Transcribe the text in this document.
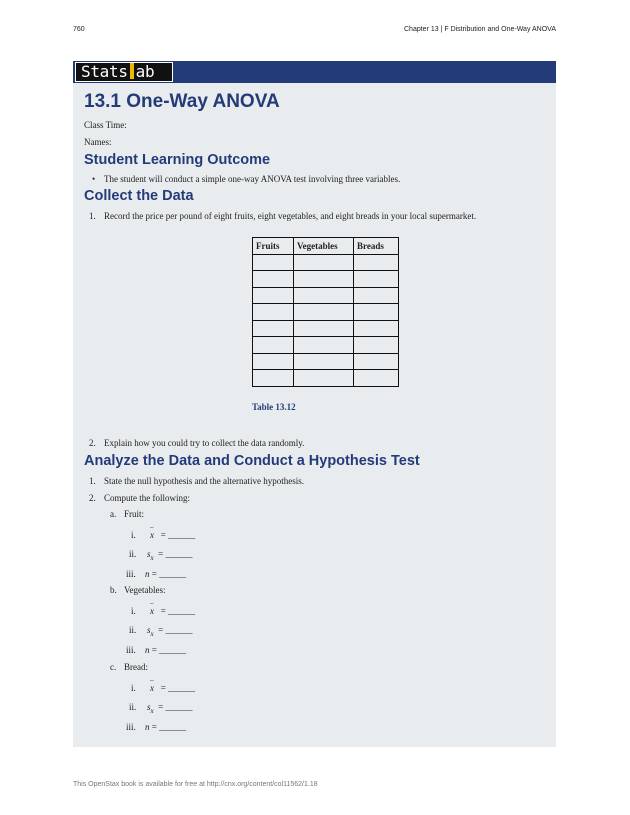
760	Chapter 13 | F Distribution and One-Way ANOVA
Stats ab
13.1 One-Way ANOVA
Class Time:
Names:
Student Learning Outcome
• The student will conduct a simple one-way ANOVA test involving three variables.
Collect the Data
1. Record the price per pound of eight fruits, eight vegetables, and eight breads in your local supermarket.
Fruits	Vegetables	Breads

Table 13.12
2. Explain how you could try to collect the data randomly.
Analyze the Data and Conduct a Hypothesis Test
1. State the null hypothesis and the alternative hypothesis.
2. Compute the following:
a. Fruit:
i. _ x = ______
ii. $s_x$ = ______
iii. n = ______
b. Vegetables:
i. _ x = ______
ii. $s_x$ = ______
iii. n = ______
c. Bread:
i. _ x = ______
ii. $s_x$ = ______
iii. n = ______
This OpenStax book is available for free at http://cnx.org/content/col11562/1.18
